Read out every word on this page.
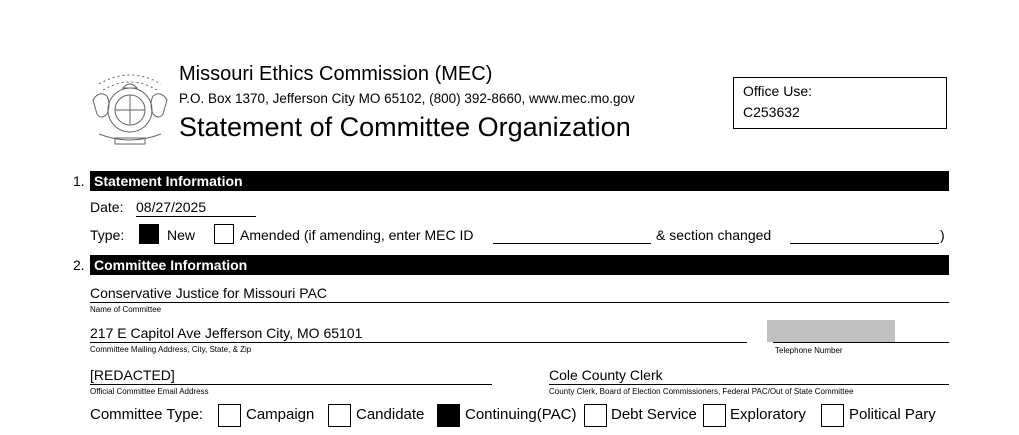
Missouri Ethics Commission (MEC)
P.O. Box 1370, Jefferson City MO 65102, (800) 392-8660, www.mec.mo.gov
Statement of Committee Organization
Office Use:
C253632
1. Statement Information
Date: 08/27/2025
Type:	New	Amended (if amending, enter MEC ID	& section changed	)
2. Committee Information
Conservative Justice for Missouri PAC
Name of Committee
217 E Capitol Ave Jefferson City, MO 65101
Committee Mailing Address, City, State, & Zip	Telephone Number
[REDACTED]
Official Committee Email Address
Cole County Clerk
County Clerk, Board of Election Commissioners, Federal PAC/Out of State Committee
Committee Type:	Campaign	Candidate	Continuing(PAC) Debt Service Exploratory	Political Pary
